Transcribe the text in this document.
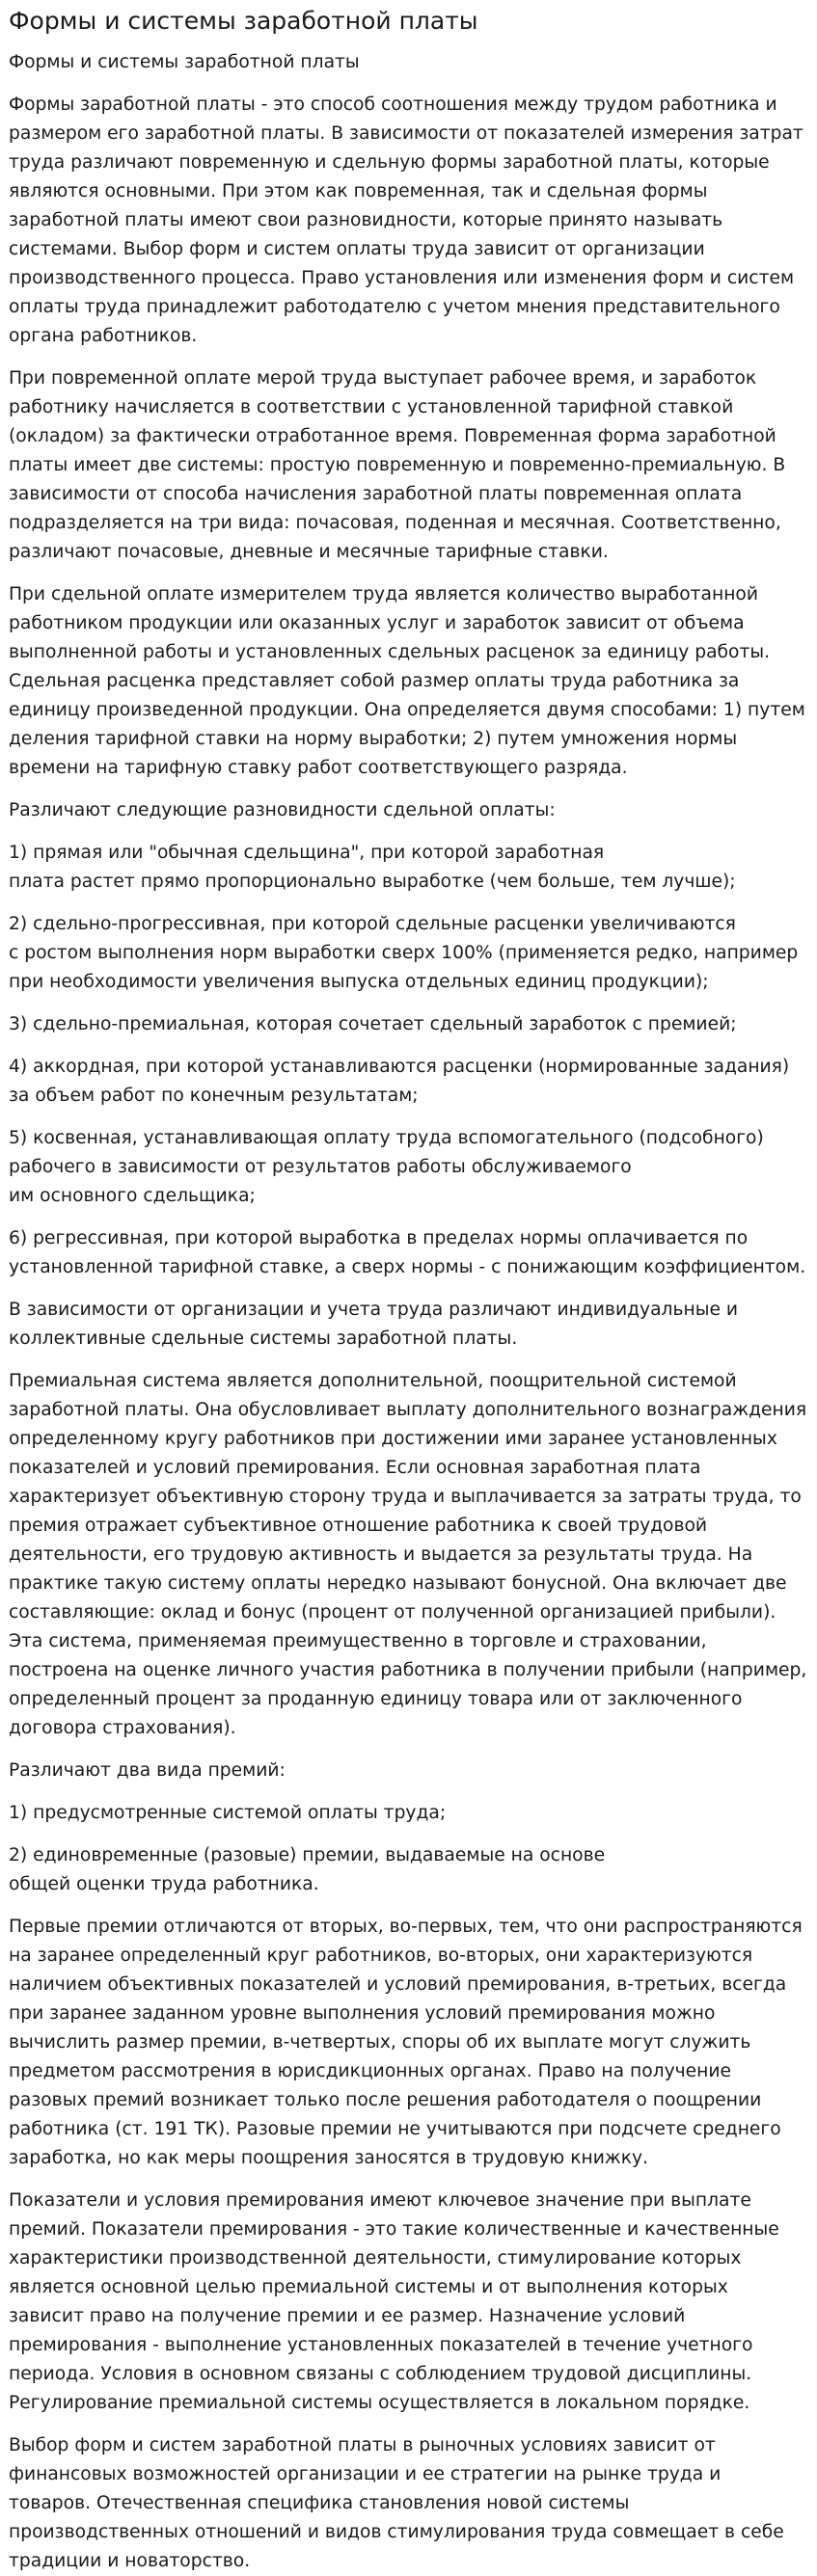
Формы и системы заработной платы
Формы и системы заработной платы

Формы заработной платы - это способ соотношения между трудом работника и размером его заработной платы. В зависимости от показателей измерения затрат труда различают повременную и сдельную формы заработной платы, которые являются основными. При этом как повременная, так и сдельная формы заработной платы имеют свои разновидности, которые принято называть системами. Выбор форм и систем оплаты труда зависит от организации производственного процесса. Право установления или изменения форм и систем оплаты труда принадлежит работодателю с учетом мнения представительного органа работников.

При повременной оплате мерой труда выступает рабочее время, и заработок работнику начисляется в соответствии с установленной тарифной ставкой (окладом) за фактически отработанное время. Повременная форма заработной платы имеет две системы: простую повременную и повременно-премиальную. В зависимости от способа начисления заработной платы повременная оплата подразделяется на три вида: почасовая, поденная и месячная. Соответственно, различают почасовые, дневные и месячные тарифные ставки.

При сдельной оплате измерителем труда является количество выработанной работником продукции или оказанных услуг и заработок зависит от объема выполненной работы и установленных сдельных расценок за единицу работы. Сдельная расценка представляет собой размер оплаты труда работника за единицу произведенной продукции. Она определяется двумя способами: 1) путем деления тарифной ставки на норму выработки; 2) путем умножения нормы времени на тарифную ставку работ соответствующего разряда.

Различают следующие разновидности сдельной оплаты:

1) прямая или "обычная сдельщина", при которой заработная
плата растет прямо пропорционально выработке (чем больше, тем лучше);

2) сдельно-прогрессивная, при которой сдельные расценки увеличиваются
с ростом выполнения норм выработки сверх 100% (применяется редко, например при необходимости увеличения выпуска отдельных единиц продукции);

3) сдельно-премиальная, которая сочетает сдельный заработок с премией;

4) аккордная, при которой устанавливаются расценки (нормированные задания) за объем работ по конечным результатам;

5) косвенная, устанавливающая оплату труда вспомогательного (подсобного)
рабочего в зависимости от результатов работы обслуживаемого
им основного сдельщика;

6) регрессивная, при которой выработка в пределах нормы оплачивается по установленной тарифной ставке, а сверх нормы - с понижающим коэффициентом.

В зависимости от организации и учета труда различают индивидуальные и коллективные сдельные системы заработной платы.

Премиальная система является дополнительной, поощрительной системой заработной платы. Она обусловливает выплату дополнительного вознаграждения определенному кругу работников при достижении ими заранее установленных показателей и условий премирования. Если основная заработная плата характеризует объективную сторону труда и выплачивается за затраты труда, то премия отражает субъективное отношение работника к своей трудовой деятельности, его трудовую активность и выдается за результаты труда. На практике такую систему оплаты нередко называют бонусной. Она включает две составляющие: оклад и бонус (процент от полученной организацией прибыли). Эта система, применяемая преимущественно в торговле и страховании, построена на оценке личного участия работника в получении прибыли (например, определенный процент за проданную единицу товара или от заключенного договора страхования).

Различают два вида премий:

1) предусмотренные системой оплаты труда;

2) единовременные (разовые) премии, выдаваемые на основе
общей оценки труда работника.

Первые премии отличаются от вторых, во-первых, тем, что они распространяются на заранее определенный круг работников, во-вторых, они характеризуются наличием объективных показателей и условий премирования, в-третьих, всегда при заранее заданном уровне выполнения условий премирования можно вычислить размер премии, в-четвертых, споры об их выплате могут служить предметом рассмотрения в юрисдикционных органах. Право на получение разовых премий возникает только после решения работодателя о поощрении работника (ст. 191 ТК). Разовые премии не учитываются при подсчете среднего заработка, но как меры поощрения заносятся в трудовую книжку.

Показатели и условия премирования имеют ключевое значение при выплате премий. Показатели премирования - это такие количественные и качественные характеристики производственной деятельности, стимулирование которых является основной целью премиальной системы и от выполнения которых зависит право на получение премии и ее размер. Назначение условий премирования - выполнение установленных показателей в течение учетного периода. Условия в основном связаны с соблюдением трудовой дисциплины. Регулирование премиальной системы осуществляется в локальном порядке.

Выбор форм и систем заработной платы в рыночных условиях зависит от финансовых возможностей организации и ее стратегии на рынке труда и товаров. Отечественная специфика становления новой системы производственных отношений и видов стимулирования труда совмещает в себе традиции и новаторство.
